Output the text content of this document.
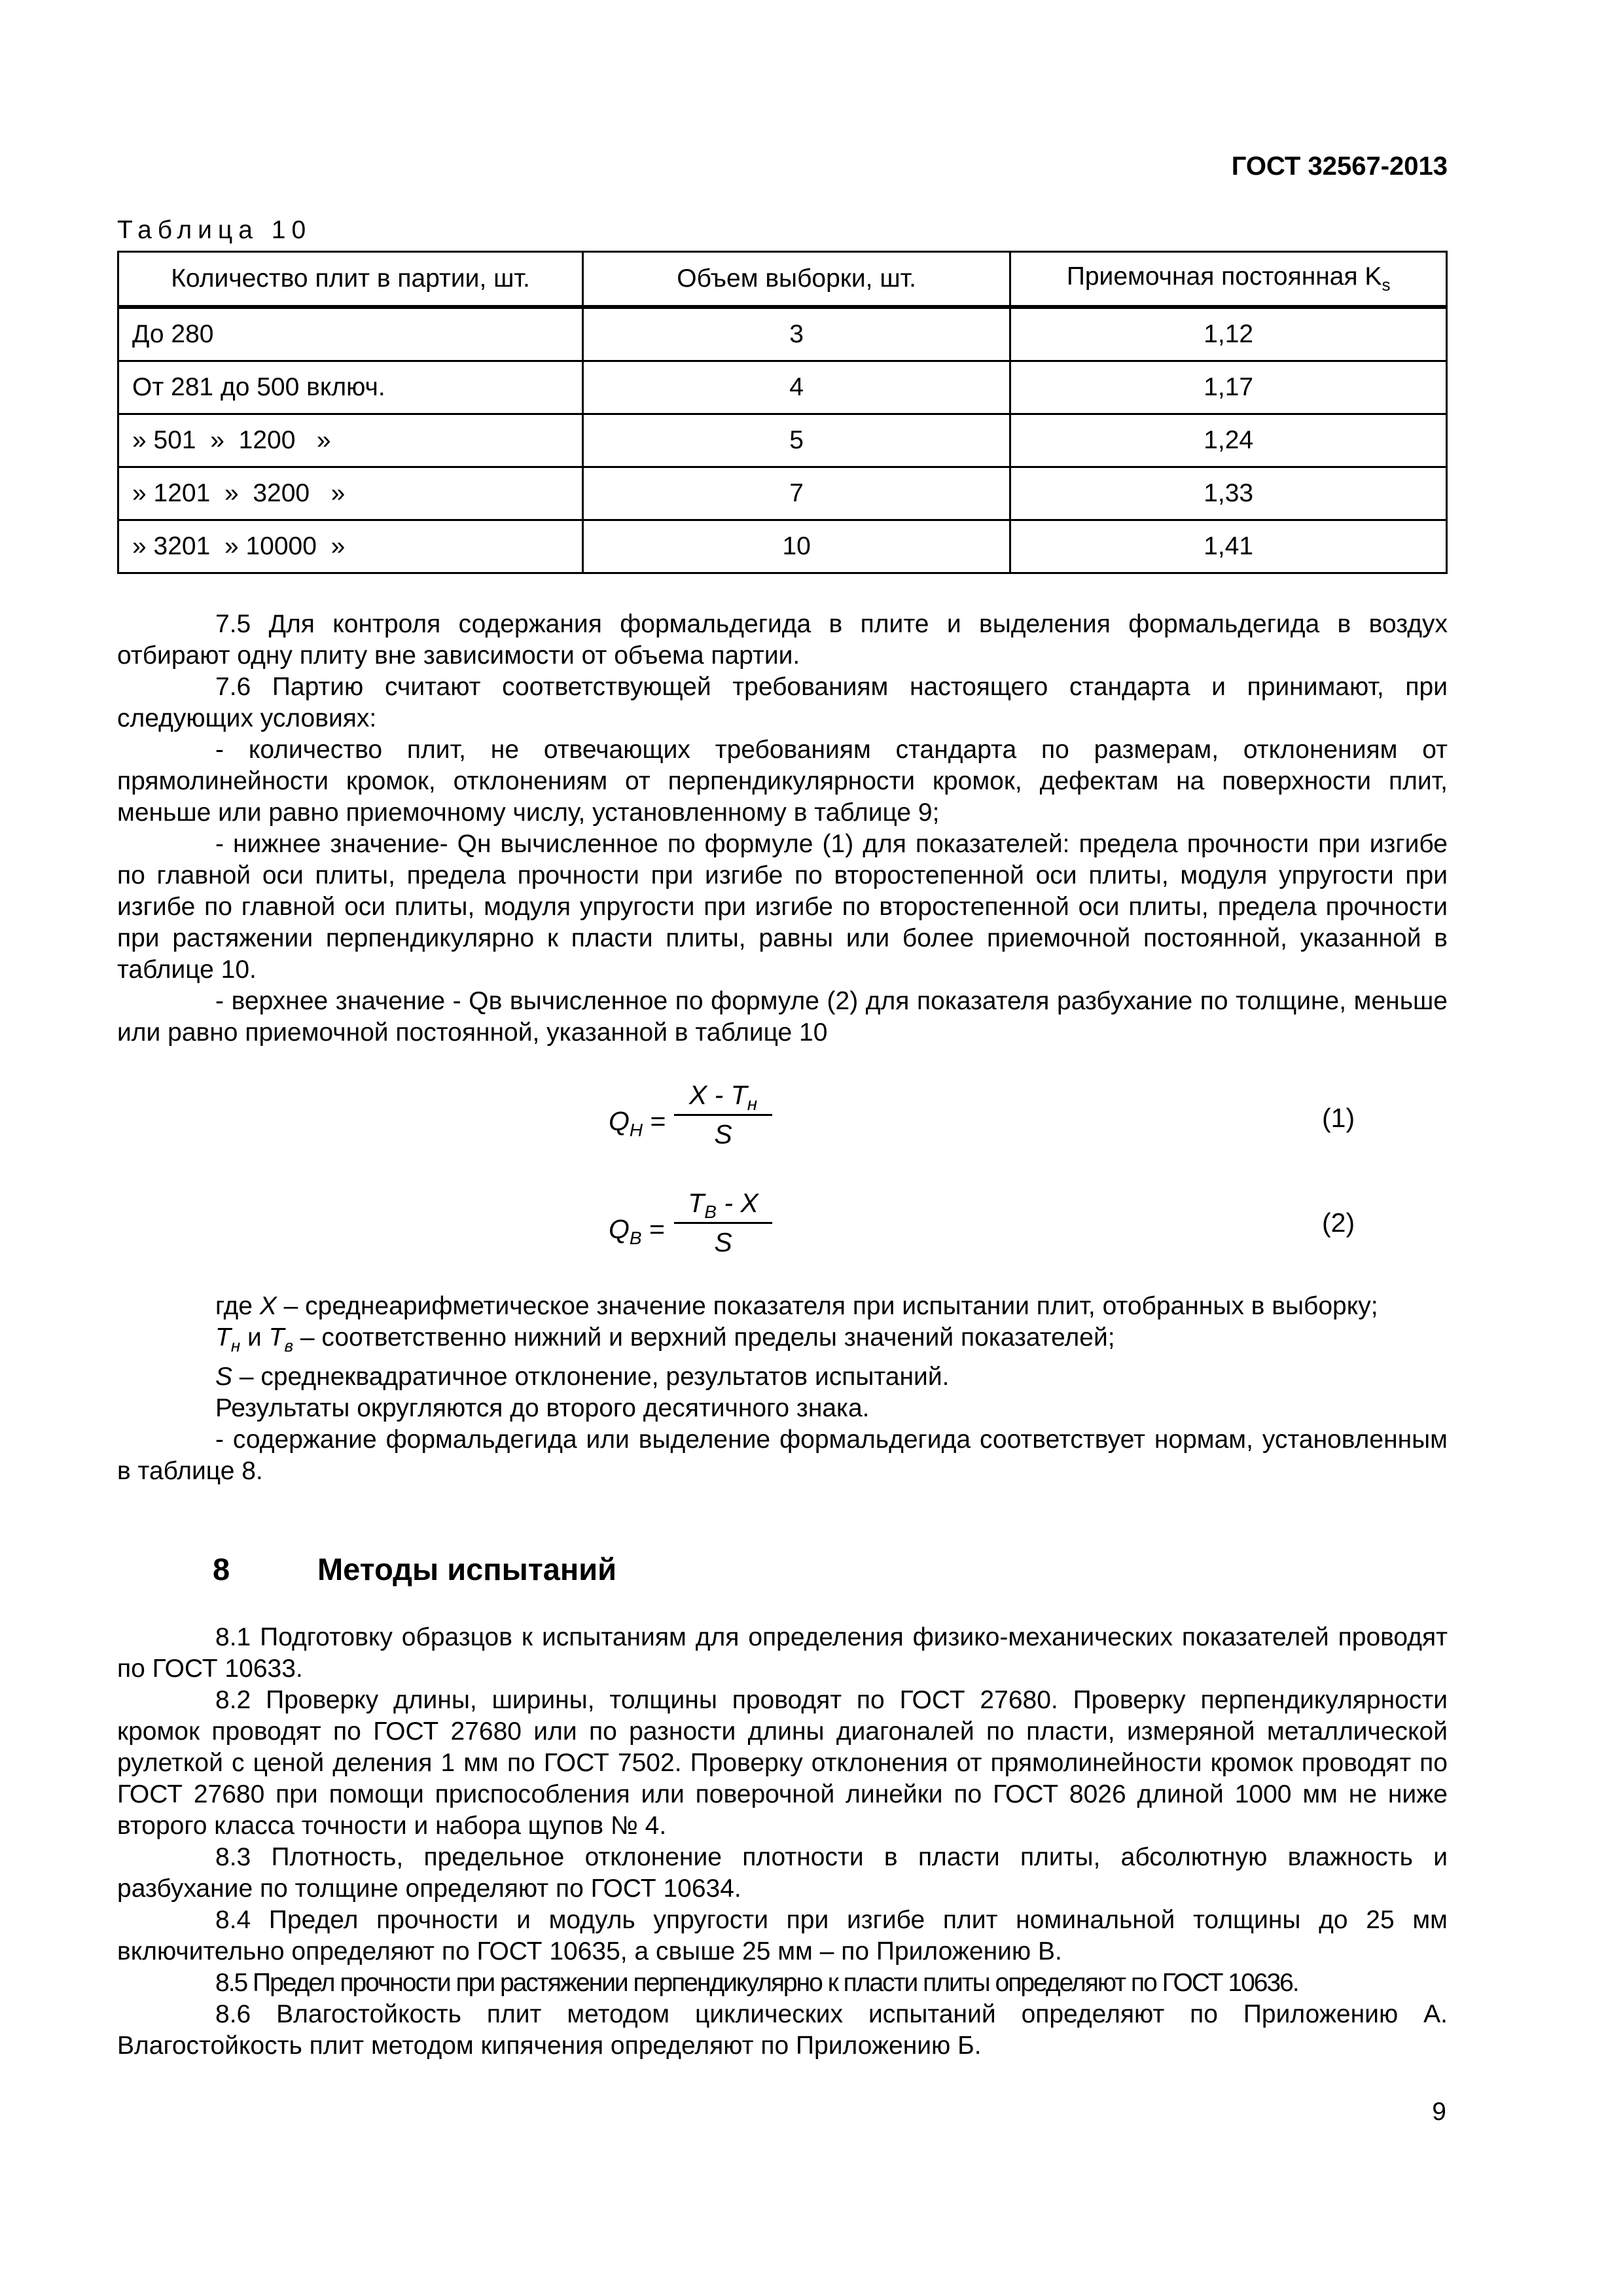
ГОСТ 32567-2013
Таблица 10
Количество плит в партии, шт.	Объем выборки, шт.	Приемочная постоянная $K_s$
До 280	3	1,12
От 281 до 500 включ.	4	1,17
» 501  »  1200   »	5	1,24
» 1201  »  3200   »	7	1,33
» 3201  » 10000  »	10	1,41

7.5 Для контроля содержания формальдегида в плите и выделения формальдегида в воздух отбирают одну плиту вне зависимости от объема партии.

7.6 Партию считают соответствующей требованиям настоящего стандарта и принимают, при следующих условиях:

- количество плит, не отвечающих требованиям стандарта по размерам, отклонениям от прямолинейности кромок, отклонениям от перпендикулярности кромок, дефектам на поверхности плит, меньше или равно приемочному числу, установленному в таблице 9;

- нижнее значение- Qн вычисленное по формуле (1) для показателей: предела прочности при изгибе по главной оси плиты, предела прочности при изгибе по второстепенной оси плиты, модуля упругости при изгибе по главной оси плиты, модуля упругости при изгибе по второстепенной оси плиты, предела прочности при растяжении перпендикулярно к пласти плиты, равны или более приемочной постоянной, указанной в таблице 10.

- верхнее значение - Qв вычисленное по формуле (2) для показателя разбухание по толщине, меньше или равно приемочной постоянной, указанной в таблице 10

$Q_H$ =
X - $T_н$
S
(1)
$Q_B$ =
$T_B$ - X
S
(2)

где X – среднеарифметическое значение показателя при испытании плит, отобранных в выборку;

$T_н$ и $T_в$ – соответственно нижний и верхний пределы значений показателей;

S – среднеквадратичное отклонение, результатов испытаний.

Результаты округляются до второго десятичного знака.

- содержание формальдегида или выделение формальдегида соответствует нормам, установленным в таблице 8.

8	Методы испытаний

8.1 Подготовку образцов к испытаниям для определения физико-механических показателей проводят по ГОСТ 10633.

8.2 Проверку длины, ширины, толщины проводят по ГОСТ 27680. Проверку перпендикулярности кромок проводят по ГОСТ 27680 или по разности длины диагоналей по пласти, измеряной металлической рулеткой с ценой деления 1 мм по ГОСТ 7502. Проверку отклонения от прямолинейности кромок проводят по ГОСТ 27680 при помощи приспособления или поверочной линейки по ГОСТ 8026 длиной 1000 мм не ниже второго класса точности и набора щупов № 4.

8.3 Плотность, предельное отклонение плотности в пласти плиты, абсолютную влажность и разбухание по толщине определяют по ГОСТ 10634.

8.4 Предел прочности и модуль упругости при изгибе плит номинальной толщины до 25 мм включительно определяют по ГОСТ 10635, а свыше 25 мм – по Приложению В.

8.5 Предел прочности при растяжении перпендикулярно к пласти плиты определяют по ГОСТ 10636.

8.6 Влагостойкость плит методом циклических испытаний определяют по Приложению А. Влагостойкость плит методом кипячения определяют по Приложению Б.

9
